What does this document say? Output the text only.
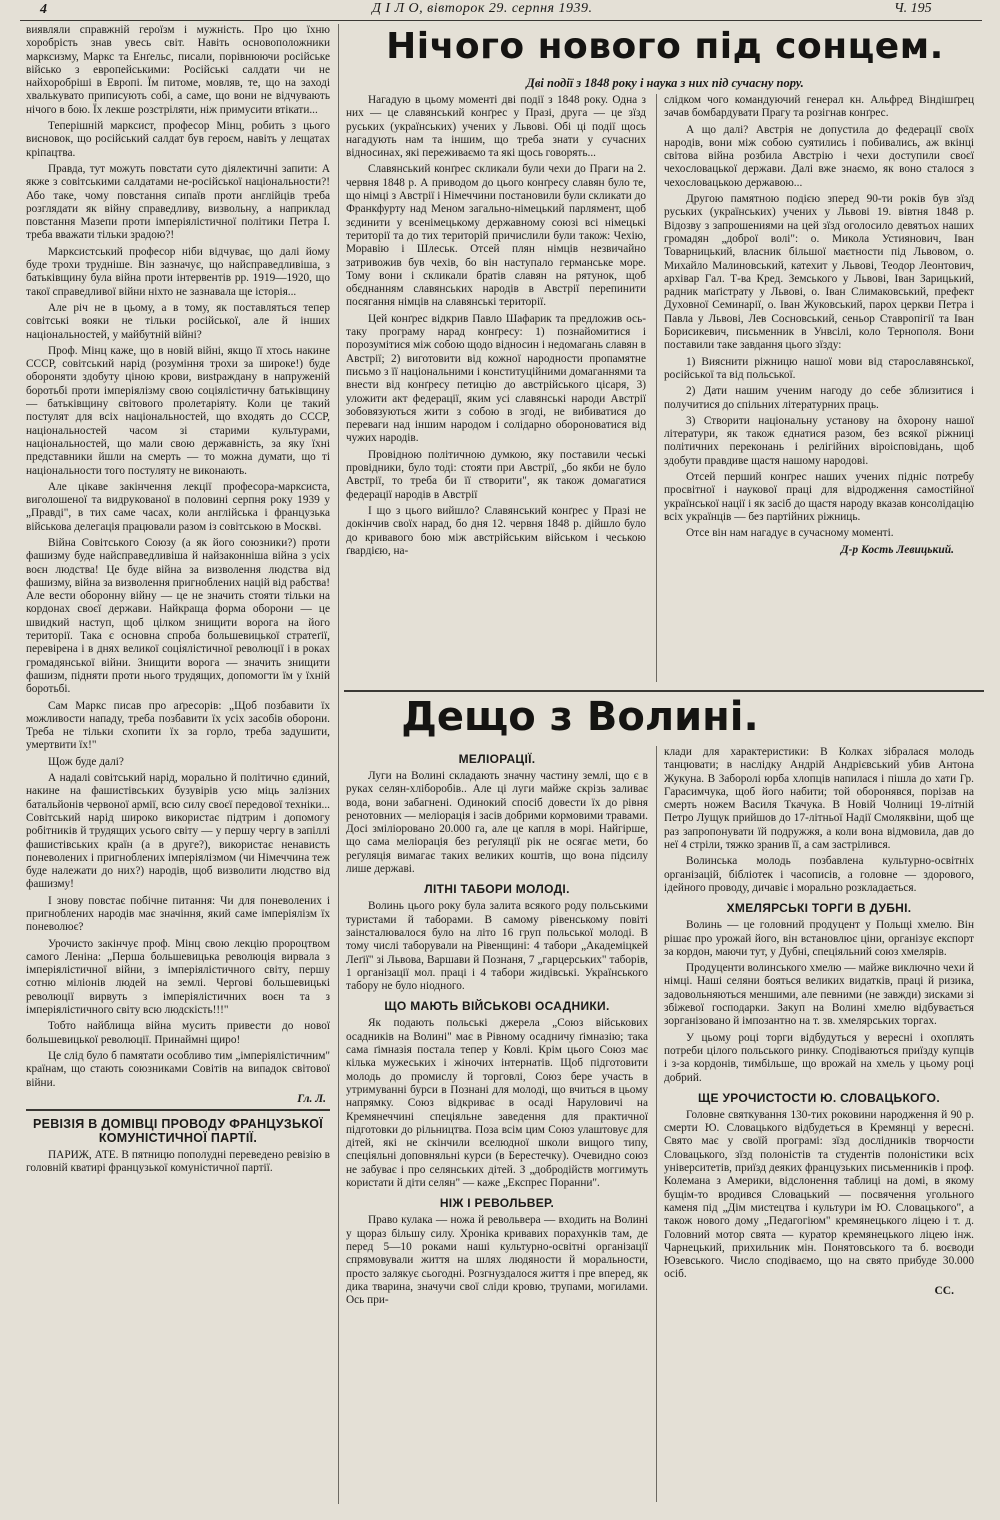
4	Д І Л О, вівторок 29. серпня 1939.	Ч. 195

виявляли справжній героїзм і мужність. Про цю їхню хоробрість знав увесь світ. Навіть основоположники марксизму, Маркс та Енґельс, писали, порівнюючи російське військо з европейськими: Російські салдати чи не найхоробріші в Европі. Їм питоме, мовляв, те, що на заході хвалькувато приписують собі, а саме, що вони не відчувають нічого в бою. Їх лекше розстріляти, ніж примусити втікати...

Теперішній марксист, професор Мінц, робить з цього висновок, що російський салдат був героєм, навіть у лещатах кріпацтва.

Правда, тут можуть повстати суто діялектичні запити: А якже з совітськими салдатами не-російської національности?! Або таке, чому повстання сипаїв проти англійців треба розглядати як війну справедливу, визвольну, а наприклад повстання Мазепи проти імперіялістичної політики Петра І. треба вважати тільки зрадою?!

Марксистський професор ніби відчуває, що далі йому буде трохи трудніше. Він зазначує, що найсправедливіша, з батьківщину була війна проти інтервентів рр. 1919—1920, що такої справедливої війни ніхто не зазнавала ще історія...

Але річ не в цьому, а в тому, як поставляться тепер совітські вояки не тільки російської, але й інших національностей, у майбутній війні?

Проф. Мінц каже, що в новій війні, якщо її хтось накине СССР, совітський нарід (розуміння трохи за широке!) буде обороняти здобуту ціною крови, виstраждану в напруженій боротьбі проти імперіялізму свою соціялістичну батьківщину — батьківщину світового пролетаріяту. Коли це такий постулят для всіх національностей, що входять до СССР, національностей часом зі старими культурами, національностей, що мали свою державність, за яку їхні представники йшли на смерть — то можна думати, що ті національности того постуляту не виконають.

Але цікаве закінчення лекції професора-марксиста, виголошеної та видрукованої в половині серпня року 1939 у „Правді", в тих саме часах, коли англійська і французька військова делегація працювали разом із совітською в Москві.

Війна Совітського Союзу (а як його союзники?) проти фашизму буде найсправедливіша й найзаконніша війна з усіх воєн людства! Це буде війна за визволення людства від фашизму, війна за визволення пригноблених націй від рабства! Але вести оборонну війну — це не значить стояти тільки на кордонах своєї держави. Найкраща форма оборони — це швидкий наступ, щоб цілком знищити ворога на його території. Така є основна спроба большевицької стратеґії, перевірена і в днях великої соціялістичної революції і в роках громадянської війни. Знищити ворога — значить знищити фашизм, підняти проти нього трудящих, допомогти їм у їхній боротьбі.

Сам Маркс писав про аґресорів: „Щоб позбавити їх можливости нападу, треба позбавити їх усіх засобів оборони. Треба не тільки схопити їх за горло, треба задушити, умертвити їх!"

Щож буде далі?

А надалі совітський нарід, морально й політично єдиний, накине на фашистівських бузувірів усю міць залізних батальйонів червоної армії, всю силу своєї передової техніки... Совітський нарід широко використає підтрим і допомогу робітників й трудящих усього світу — у першу чергу в запіллі фашистівських країн (а в друге?), використає ненависть поневолених і пригноблених імперіялізмом (чи Німеччина теж буде належати до них?) народів, щоб визволити людство від фашизму!

І знову повстає побічне питання: Чи для поневолених і пригноблених народів має значіння, який саме імперіялізм їх поневолює?

Урочисто закінчує проф. Мінц свою лекцію пророцтвом самого Леніна: „Перша большевицька революція вирвала з імперіялістичної війни, з імперіялістичного світу, першу сотню міліонів людей на землі. Чергові большевицькі революції вирвуть з імперіялістичних воєн та з імперіялістичного світу всю людскість!!!"

Тобто найблища війна мусить привести до нової большевицької революції. Принаймні щиро!

Це слід було б памятати особливо тим „імперіялістичним" країнам, що стають союзниками Совітів на випадок світової війни.

Гл. Л.
РЕВІЗІЯ В ДОМІВЦІ ПРОВОДУ ФРАНЦУЗЬКОЇ КОМУНІСТИЧНОЇ ПАРТІЇ.

ПАРИЖ, АТЕ. В пятницю пополудні переведено ревізію в головній кватирі французької комуністичної партії.

Нічого нового під сонцем.
Дві події з 1848 року і наука з них під сучасну пору.

Нагадую в цьому моменті дві події з 1848 року. Одна з них — це славянський конґрес у Празі, друга — це зїзд руських (українських) учених у Львові. Обі ці події щось нагадують нам та іншим, що треба знати у сучасних відносинах, які переживаємо та які щось говорять...

Славянський конґрес скликали були чехи до Праги на 2. червня 1848 р. А приводом до цього конґресу славян було те, що німці з Австрії і Німеччини постановили були скликати до Франкфурту над Меном загально-німецький парлямент, щоб зєдинити у всенімецькому державному союзі всі німецькі території та до тих територій причислили були також: Чехію, Моравію і Шлеськ. Отсей плян німців незвичайно затривожив був чехів, бо він наступало германське море. Тому вони і скликали братів славян на рятунок, щоб обєднанням славянських народів в Австрії перепинити посягання німців на славянські території.

Цей конґрес відкрив Павло Шафарик та предложив ось-таку програму нарад конґресу: 1) познайомитися і порозумітися між собою щодо відносин і недомагань славян в Австрії; 2) виготовити від кожної народности пропамятне письмо з її національними і конституційними домаганнями та внести від конґресу петицію до австрійського цісаря, 3) уложити акт федерації, яким усі славянські народи Австрії зобовязуються жити з собою в згоді, не вибиватися до переваги над іншим народом і солідарно обороноватися від чужих народів.

Провідною політичною думкою, яку поставили чеські провідники, було тоді: стояти при Австрії, „бо якби не було Австрії, то треба би її створити", як також домагатися федерації народів в Австрії

І що з цього вийшло? Славянський конґрес у Празі не докінчив своїх нарад, бо дня 12. червня 1848 р. дійшло було до кривавого бою між австрійським військом і чеською ґвардією, на-

слідком чого командуючий генерал кн. Альфред Віндішґрец зачав бомбардувати Прагу та розігнав конґрес.

А що далі? Австрія не допустила до федерації своїх народів, вони між собою суятились і побивались, аж вкінці світова війна розбила Австрію і чехи доступили своєї чехословацької держави. Далі вже знаємо, як воно сталося з чехословацькою державою...

Другою памятною подією зперед 90-ти років був зїзд руських (українських) учених у Львові 19. вівтня 1848 р. Відозву з запрошениями на цей зїзд оголосило девятьох наших громадян „доброї волі": о. Микола Устиянович, Іван Товарницький, власник більшої маєтности під Львовом, о. Михайло Малиновський, катехит у Львові, Теодор Леонтович, архівар Гал. Т-ва Кред. Земського у Львові, Іван Зарицький, радник маґістрату у Львові, о. Іван Слимаковський, префект Духовної Семинарії, о. Іван Жуковський, парох церкви Петра і Павла у Львові, Лев Сосновський, сеньор Ставропігії та Іван Борисикевич, письменник в Унвсілі, коло Тернополя. Вони поставили таке завдання цього зїзду:

1) Вияснити ріжницю нашої мови від старославянської, російської та від польської.

2) Дати нашим ученим нагоду до себе зблизитися і получитися до спільних літературних праць.

3) Створити національну установу на ôхорону нашої літератури, як також єднатися разом, без всякої ріжниці політичних переконань і релігійних віроісповідань, щоб здобути правдиве щастя нашому народові.

Отсей перший конґрес наших учених підніс потребу просвітної і наукової праці для відродження самостійної української нації і як засіб до щастя народу вказав консолідацію всіх українців — без партійних ріжниць.

Отсе він нам нагадує в сучасному моменті.

Д-р Кость Левицький.
Дещо з Волині.
МЕЛІОРАЦІЇ.

Луги на Волині складають значну частину землі, що є в руках селян-хліборобів.. Але ці луги майже скрізь заливає вода, вони забагнені. Одинокий спосіб довести їх до рівня ренотовних — меліорація і засів добрими кормовими травами. Досі зміліоровано 20.000 га, але це капля в морі. Найгірше, що сама меліорація без реґуляції рік не осягає мети, бо реґуляція вимагає таких великих коштів, що вона підсилу лише державі.

ЛІТНІ ТАБОРИ МОЛОДІ.

Волинь цього року була залита всякого роду польськими туристами й таборами. В самому рівенському повіті заінсталювалося було на літо 16 груп польської молоді. В тому числі таборували на Рівенщині: 4 табори „Академіцкей Леґії" зі Львова, Варшави й Познаня, 7 „гарцерських" таборів, 1 організації мол. праці і 4 табори жидівські. Українського табору не було ніодного.

ЩО МАЮТЬ ВІЙСЬКОВІ ОСАДНИКИ.

Як подають польські джерела „Союз військових осадників на Волині" має в Рівному осадничу ґімназію; така сама ґімназія постала тепер у Ковлі. Крім цього Союз має кілька мужеських і жіночих інтернатів. Щоб підготовити молодь до промислу й торговлі, Союз бере участь в утримуванні бурси в Познані для молоді, що вчиться в цьому напрямку. Союз відкриває в осаді Наруловичі на Кремянеччині спеціяльне заведення для практичної підготовки до рільництва. Поза всім цим Союз улаштовує для дітей, які не скінчили вселюдної школи вищого типу, спеціяльні доповняльні курси (в Берестечку). Очевидно союз не забуває і про селянських дітей. З „добродійств моггимуть користати й діти селян" — каже „Експрес Поранни".

НІЖ І РЕВОЛЬВЕР.

Право кулака — ножа й револьвера — входить на Волині у щораз більшу силу. Хроніка кривавих порахунків там, де перед 5—10 роками наші культурно-освітні організації спрямовували життя на шлях людяности й моральности, просто залякує сьогодні. Розгнуздалося життя і пре вперед, як дика тварина, значучи свої сліди кровю, трупами, могилами. Ось при-

клади для характеристики: В Колках зібралася молодь танцювати; в наслідку Андрій Андрієвський убив Антона Жукуна. В Заборолі юрба хлопців напилася і пішла до хати Гр. Гарасимчука, щоб його набити; той оборонявся, порізав на смерть ножем Василя Ткачука. В Новій Чолниці 19-літній Петро Лущук прийшов до 17-літньої Надії Смоляквіни, щоб ще раз запропонувати їй подружжя, а коли вона відмовила, дав до неї 4 стріли, тяжко зранив її, а сам застрілився.

Волинська молодь позбавлена культурно-освітніх організацій, бібліотек і часописів, а головне — здорового, ідейного проводу, дичавіє і морально розкладається.

ХМЕЛЯРСЬКІ ТОРГИ В ДУБНІ.

Волинь — це головний продуцент у Польщі хмелю. Він рішає про урожай його, він встановлює ціни, організує експорт за кордон, маючи тут, у Дубні, спеціяльний союз хмелярів.

Продуценти волинського хмелю — майже виключно чехи й німці. Наші селяни бояться великих видатків, праці й ризика, задовольняються меншими, але певними (не завжди) зисками зі збіжевої господарки. Закуп на Волині хмелю відбувається зорганізовано й імпозантно на т. зв. хмелярських торгах.

У цьому році торги відбудуться у вересні і охоплять потреби цілого польського ринку. Сподіваються приїзду купців і з-за кордонів, тимбільше, що врожай на хмель у цьому році добрий.

ЩЕ УРОЧИСТОСТИ Ю. СЛОВАЦЬКОГО.

Головне святкування 130-тих роковини народження й 90 р. смерти Ю. Словацького відбудеться в Кремянці у вересні. Свято має у своїй програмі: зїзд дослідників творчости Словацького, зїзд полоністів та студентів полоністики всіх університетів, приїзд деяких французьких письменників і проф. Колемана з Америки, відслонення таблиці на домі, в якому бущім-то вродився Словацький — посвячення угольного каменя під „Дім мистецтва і культури ім Ю. Словацького", а також нового дому „Педагогіюм" кремянецького ліцею і т. д. Головний мотор свята — куратор кремянецького ліцею інж. Чарнецький, прихильник мін. Понятовського та б. воєводи Юзевського. Число сподіваємо, що на свято прибуде 30.000 осіб.

СС.
